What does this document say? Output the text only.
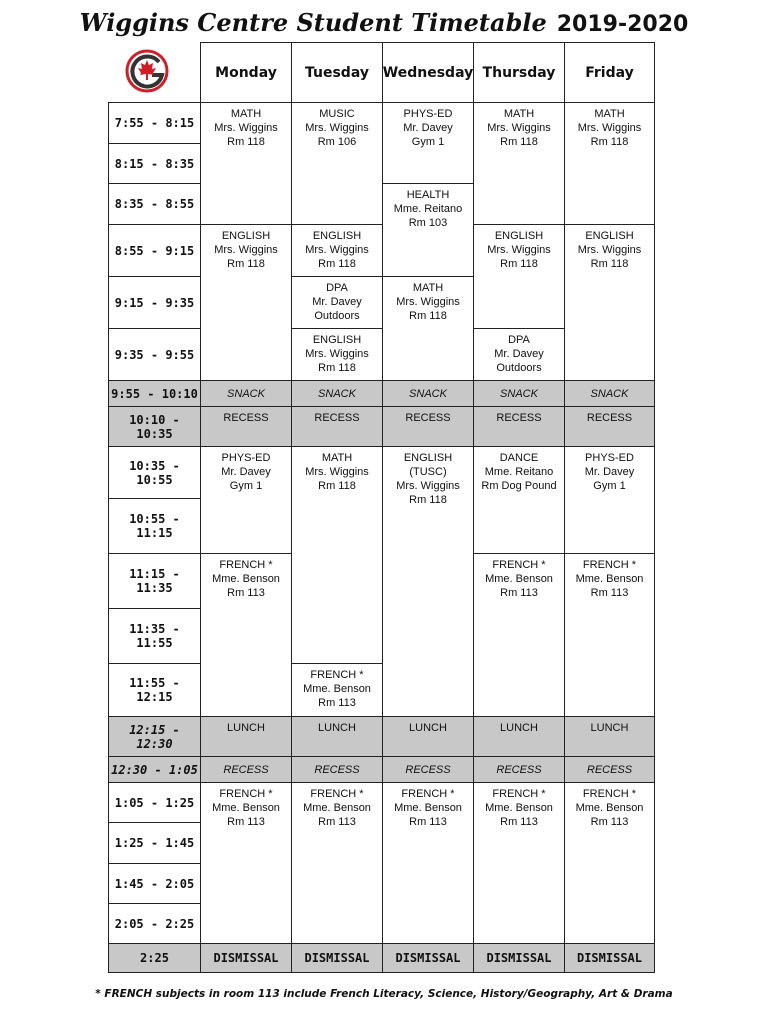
Wiggins Centre Student Timetable 2019-2020
Monday	Tuesday Wednesday Thursday	Friday
7:55 - 8:15
8:15 - 8:35
8:35 - 8:55
8:55 - 9:15
9:15 - 9:35
9:35 - 9:55
9:55 - 10:10
10:10 -
10:35
10:35 -
10:55
10:55 -
11:15
11:15 -
11:35
11:35 -
11:55
11:55 -
12:15
12:15 -
12:30
12:30 - 1:05
1:05 - 1:25
1:25 - 1:45
1:45 - 2:05
2:05 - 2:25
2:25
MATH
Mrs. Wiggins
Rm 118
ENGLISH
Mrs. Wiggins
Rm 118
SNACK
RECESS
PHYS-ED
Mr. Davey
Gym 1
FRENCH *
Mme. Benson
Rm 113
LUNCH
RECESS
FRENCH *
Mme. Benson
Rm 113
DISMISSAL
MUSIC
Mrs. Wiggins
Rm 106
ENGLISH
Mrs. Wiggins
Rm 118
DPA
Mr. Davey
Outdoors
ENGLISH
Mrs. Wiggins
Rm 118
SNACK
RECESS
MATH
Mrs. Wiggins
Rm 118
FRENCH *
Mme. Benson
Rm 113
LUNCH
RECESS
FRENCH *
Mme. Benson
Rm 113
DISMISSAL
PHYS-ED
Mr. Davey
Gym 1
HEALTH
Mme. Reitano
Rm 103
MATH
Mrs. Wiggins
Rm 118
SNACK
RECESS
ENGLISH
(TUSC)
Mrs. Wiggins
Rm 118
LUNCH
RECESS
FRENCH *
Mme. Benson
Rm 113
DISMISSAL
MATH
Mrs. Wiggins
Rm 118
ENGLISH
Mrs. Wiggins
Rm 118
DPA
Mr. Davey
Outdoors
SNACK
RECESS
DANCE
Mme. Reitano
Rm Dog Pound
FRENCH *
Mme. Benson
Rm 113
LUNCH
RECESS
FRENCH *
Mme. Benson
Rm 113
DISMISSAL
MATH
Mrs. Wiggins
Rm 118
ENGLISH
Mrs. Wiggins
Rm 118
SNACK
RECESS
PHYS-ED
Mr. Davey
Gym 1
FRENCH *
Mme. Benson
Rm 113
LUNCH
RECESS
FRENCH *
Mme. Benson
Rm 113
DISMISSAL
* FRENCH subjects in room 113 include French Literacy, Science, History/Geography, Art & Drama
